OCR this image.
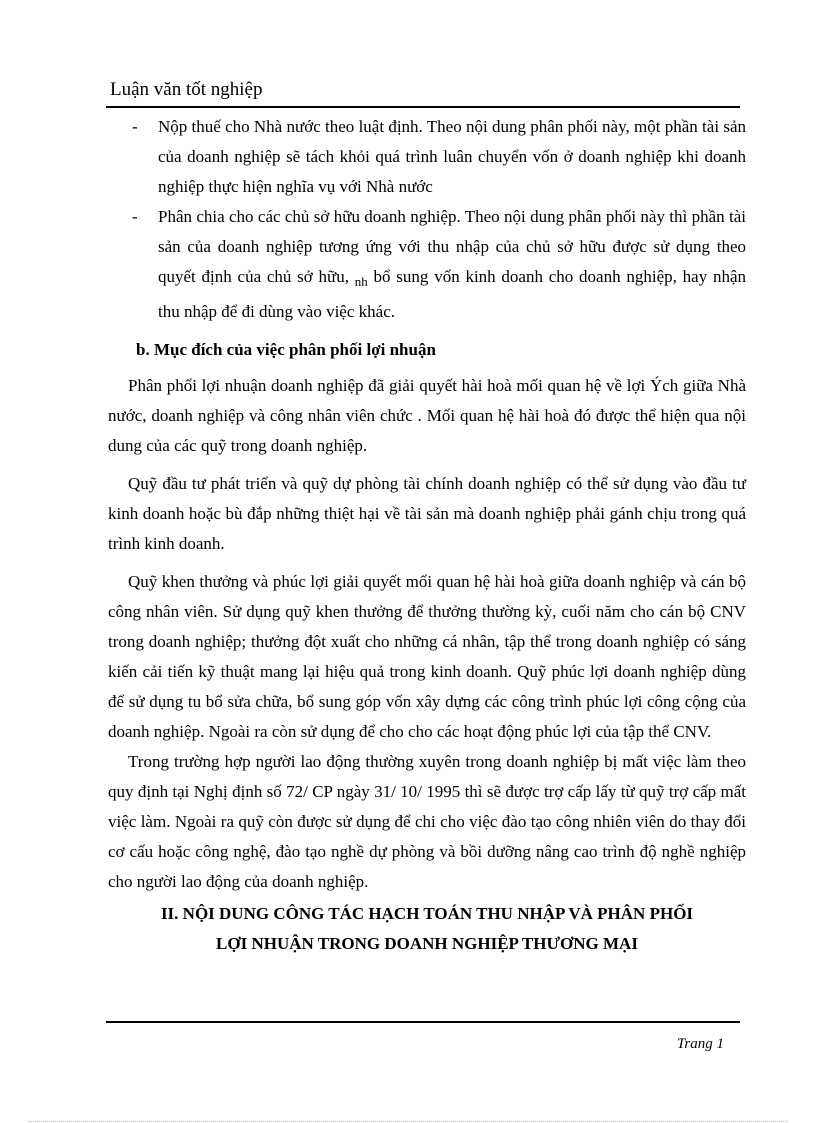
Luận văn tốt nghiệp

- Nộp thuế cho Nhà nước theo luật định. Theo nội dung phân phối này, một phần tài sản của doanh nghiệp sẽ tách khỏi quá trình luân chuyển vốn ở doanh nghiệp khi doanh nghiệp thực hiện nghĩa vụ với Nhà nước

- Phân chia cho các chủ sở hữu doanh nghiệp. Theo nội dung phân phối này thì phần tài sản của doanh nghiệp tương ứng với thu nhập của chủ sở hữu được sử dụng theo quyết định của chủ sở hữu, $_{nh}$ bổ sung vốn kinh doanh cho doanh nghiệp, hay nhận thu nhập để đi dùng vào việc khác.

b. Mục đích của việc phân phối lợi nhuận

Phân phối lợi nhuận doanh nghiệp đã giải quyết hài hoà mối quan hệ về lợi Ých giữa Nhà nước, doanh nghiệp và công nhân viên chức . Mối quan hệ hài hoà đó được thể hiện qua nội dung của các quỹ trong doanh nghiệp.

Quỹ đầu tư phát triển và quỹ dự phòng tài chính doanh nghiệp có thể sử dụng vào đầu tư kinh doanh hoặc bù đắp những thiệt hại về tài sản mà doanh nghiệp phải gánh chịu trong quá trình kinh doanh.

Quỹ khen thưởng và phúc lợi giải quyết mối quan hệ hài hoà giữa doanh nghiệp và cán bộ công nhân viên. Sử dụng quỹ khen thưởng để thưởng thường kỳ, cuối năm cho cán bộ CNV trong doanh nghiệp; thưởng đột xuất cho những cá nhân, tập thể trong doanh nghiệp có sáng kiến cải tiến kỹ thuật mang lại hiệu quả trong kinh doanh. Quỹ phúc lợi doanh nghiệp dùng để sử dụng tu bổ sửa chữa, bổ sung góp vốn xây dựng các công trình phúc lợi công cộng của doanh nghiệp. Ngoài ra còn sử dụng để cho cho các hoạt động phúc lợi của tập thể CNV.

Trong trường hợp người lao động thường xuyên trong doanh nghiệp bị mất việc làm theo quy định tại Nghị định số 72/ CP ngày 31/ 10/ 1995 thì sẽ được trợ cấp lấy từ quỹ trợ cấp mất việc làm. Ngoài ra quỹ còn được sử dụng để chi cho việc đào tạo công nhiên viên do thay đổi cơ cấu hoặc công nghệ, đào tạo nghề dự phòng và bồi dưỡng nâng cao trình độ nghề nghiệp cho người lao động của doanh nghiệp.

II. NỘI DUNG CÔNG TÁC HẠCH TOÁN THU NHẬP VÀ PHÂN PHỐI
LỢI NHUẬN TRONG DOANH NGHIỆP THƯƠNG MẠI

Trang 1
